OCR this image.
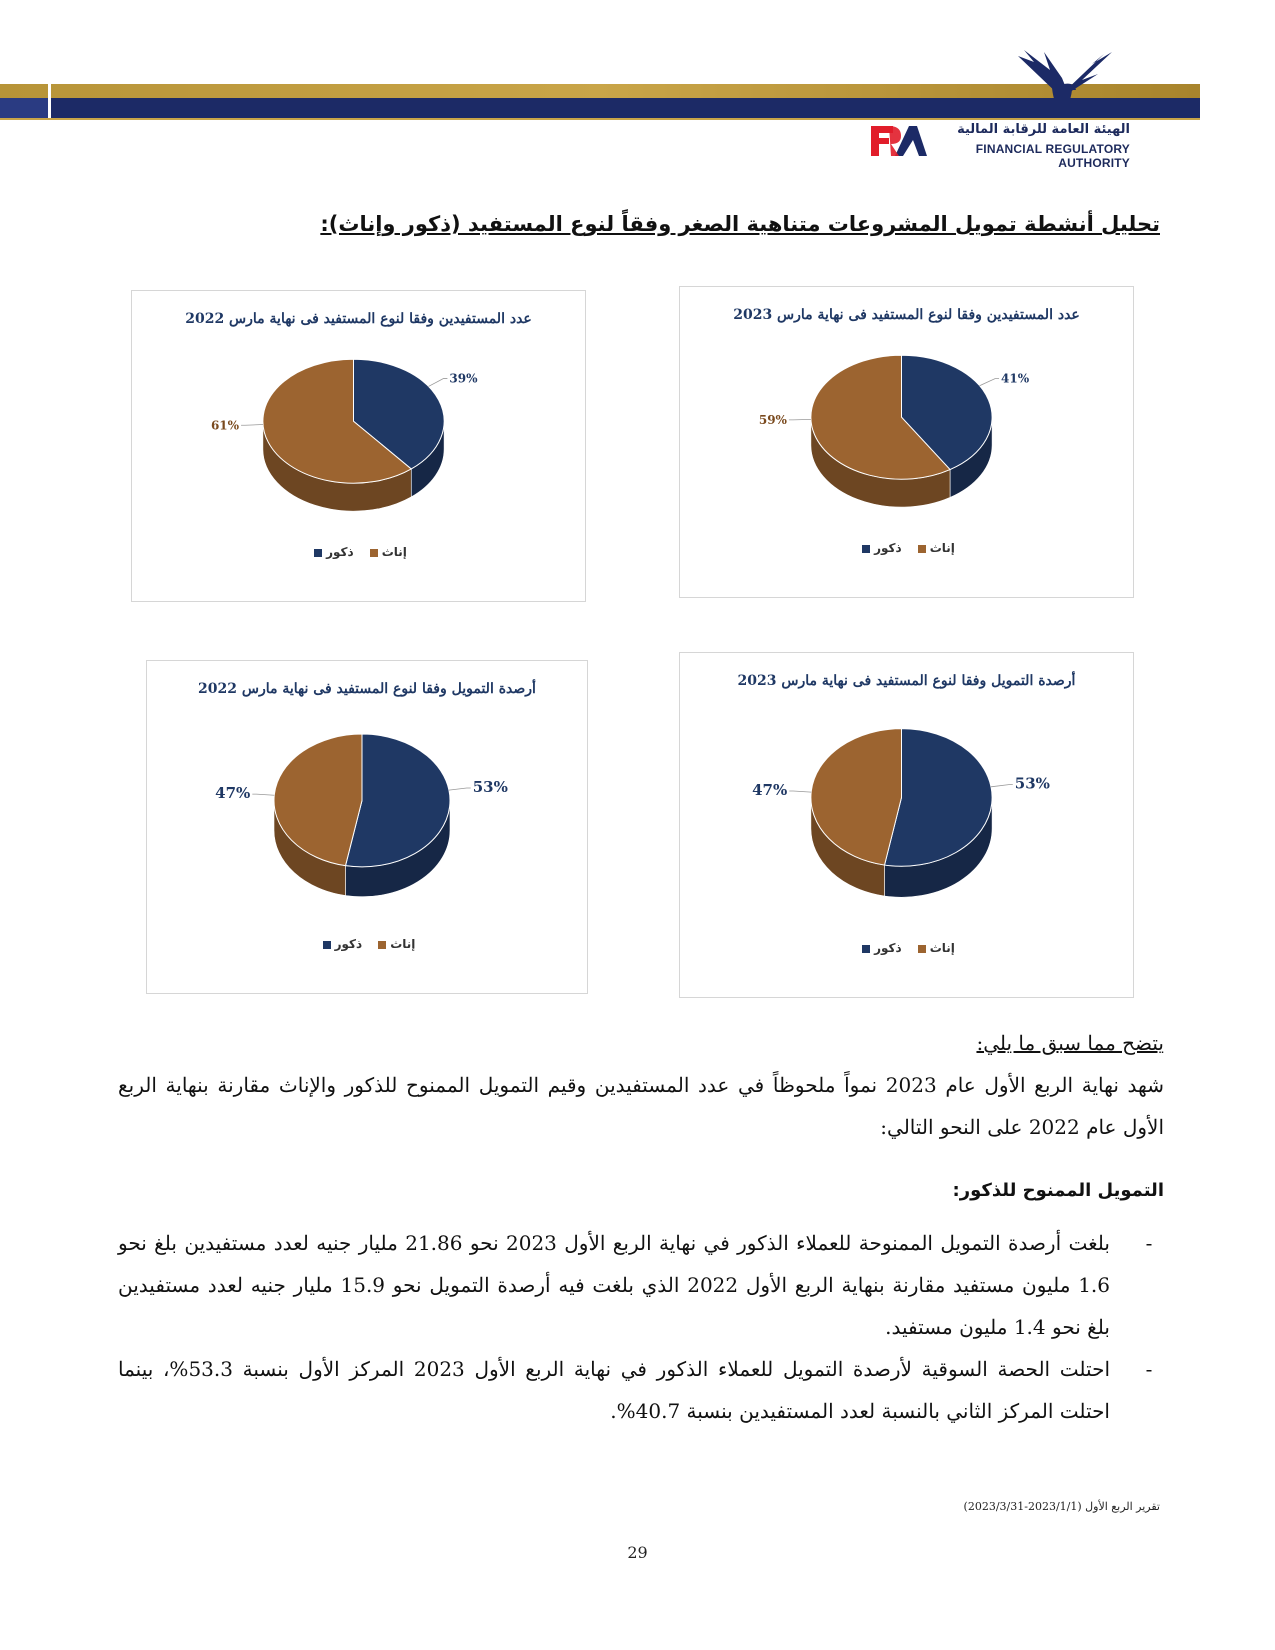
الهيئة العامة للرقابة المالية
FINANCIAL REGULATORY AUTHORITY
تحليل أنشطة تمويل المشروعات متناهية الصغر وفقاً لنوع المستفيد (ذكور وإناث):
عدد المستفيدين وفقا لنوع المستفيد فى نهاية مارس 2023
41%
59%
إناثذكور
عدد المستفيدين وفقا لنوع المستفيد فى نهاية مارس 2022
39%
61%
إناثذكور
أرصدة التمويل وفقا لنوع المستفيد فى نهاية مارس 2023
53%
47%
إناثذكور
أرصدة التمويل وفقا لنوع المستفيد فى نهاية مارس 2022
53%
47%
إناثذكور
يتضح مما سبق ما يلي:
شهد نهاية الربع الأول عام 2023 نمواً ملحوظاً في عدد المستفيدين وقيم التمويل الممنوح للذكور والإناث مقارنة بنهاية الربع الأول عام 2022 على النحو التالي:
التمويل الممنوح للذكور:
-
بلغت أرصدة التمويل الممنوحة للعملاء الذكور في نهاية الربع الأول 2023 نحو 21.86 مليار جنيه لعدد مستفيدين بلغ نحو 1.6 مليون مستفيد مقارنة بنهاية الربع الأول 2022 الذي بلغت فيه أرصدة التمويل نحو 15.9 مليار جنيه لعدد مستفيدين بلغ نحو 1.4 مليون مستفيد.
-
احتلت الحصة السوقية لأرصدة التمويل للعملاء الذكور في نهاية الربع الأول 2023 المركز الأول بنسبة 53.3%، بينما احتلت المركز الثاني بالنسبة لعدد المستفيدين بنسبة 40.7%.
تقرير الربع الأول (2023/1/1-2023/3/31)
29
